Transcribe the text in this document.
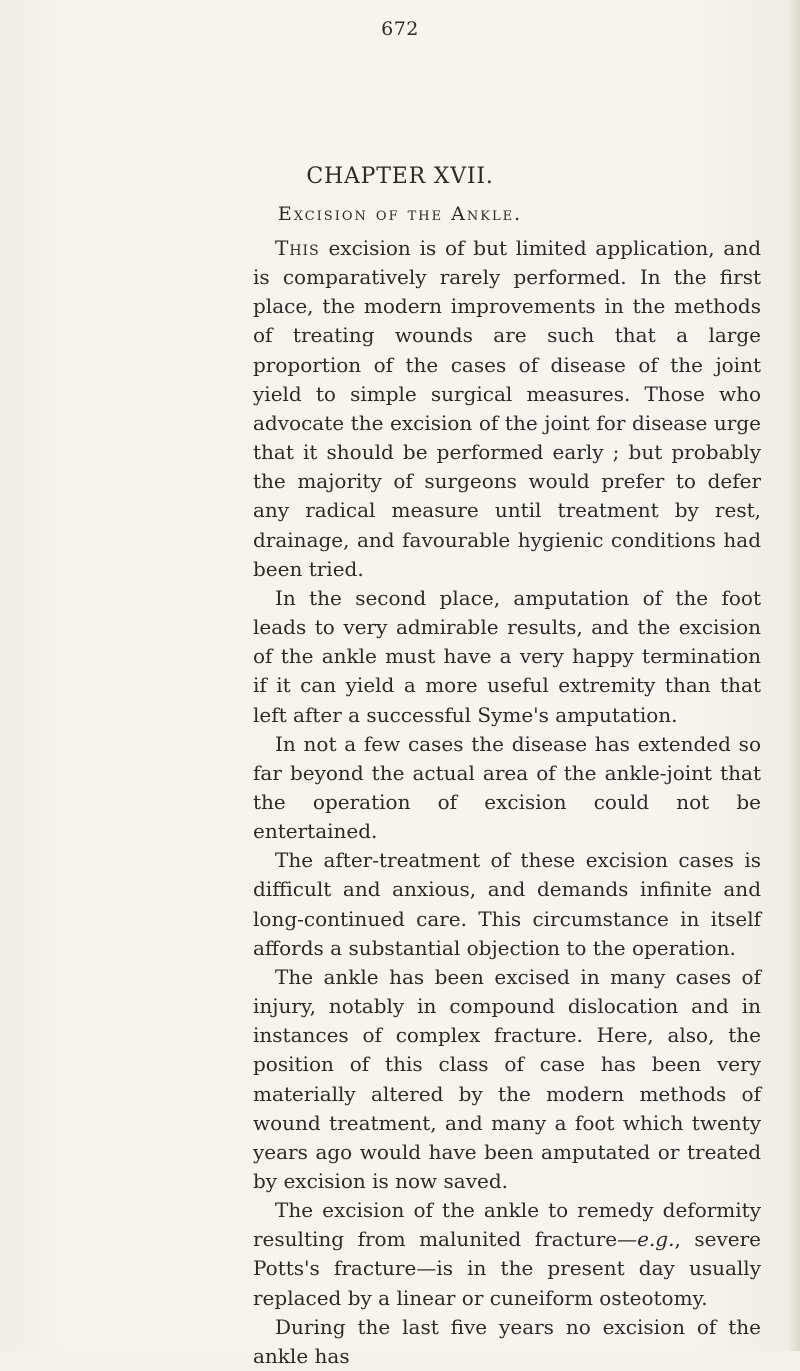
672
CHAPTER XVII.
Excision of the Ankle.

This excision is of but limited application, and is comparatively rarely performed. In the first place, the modern improvements in the methods of treating wounds are such that a large proportion of the cases of disease of the joint yield to simple surgical measures. Those who advocate the excision of the joint for disease urge that it should be performed early ; but probably the majority of surgeons would prefer to defer any radical measure until treatment by rest, drainage, and favourable hygienic conditions had been tried.

In the second place, amputation of the foot leads to very admirable results, and the excision of the ankle must have a very happy termination if it can yield a more useful extremity than that left after a successful Syme's amputation.

In not a few cases the disease has extended so far beyond the actual area of the ankle-joint that the operation of excision could not be entertained.

The after-treatment of these excision cases is difficult and anxious, and demands infinite and long-continued care. This circumstance in itself affords a substantial objection to the operation.

The ankle has been excised in many cases of injury, notably in compound dislocation and in instances of complex fracture. Here, also, the position of this class of case has been very materially altered by the modern methods of wound treatment, and many a foot which twenty years ago would have been amputated or treated by excision is now saved.

The excision of the ankle to remedy deformity resulting from malunited fracture—e.g., severe Potts's fracture—is in the present day usually replaced by a linear or cuneiform osteotomy.

During the last five years no excision of the ankle has
